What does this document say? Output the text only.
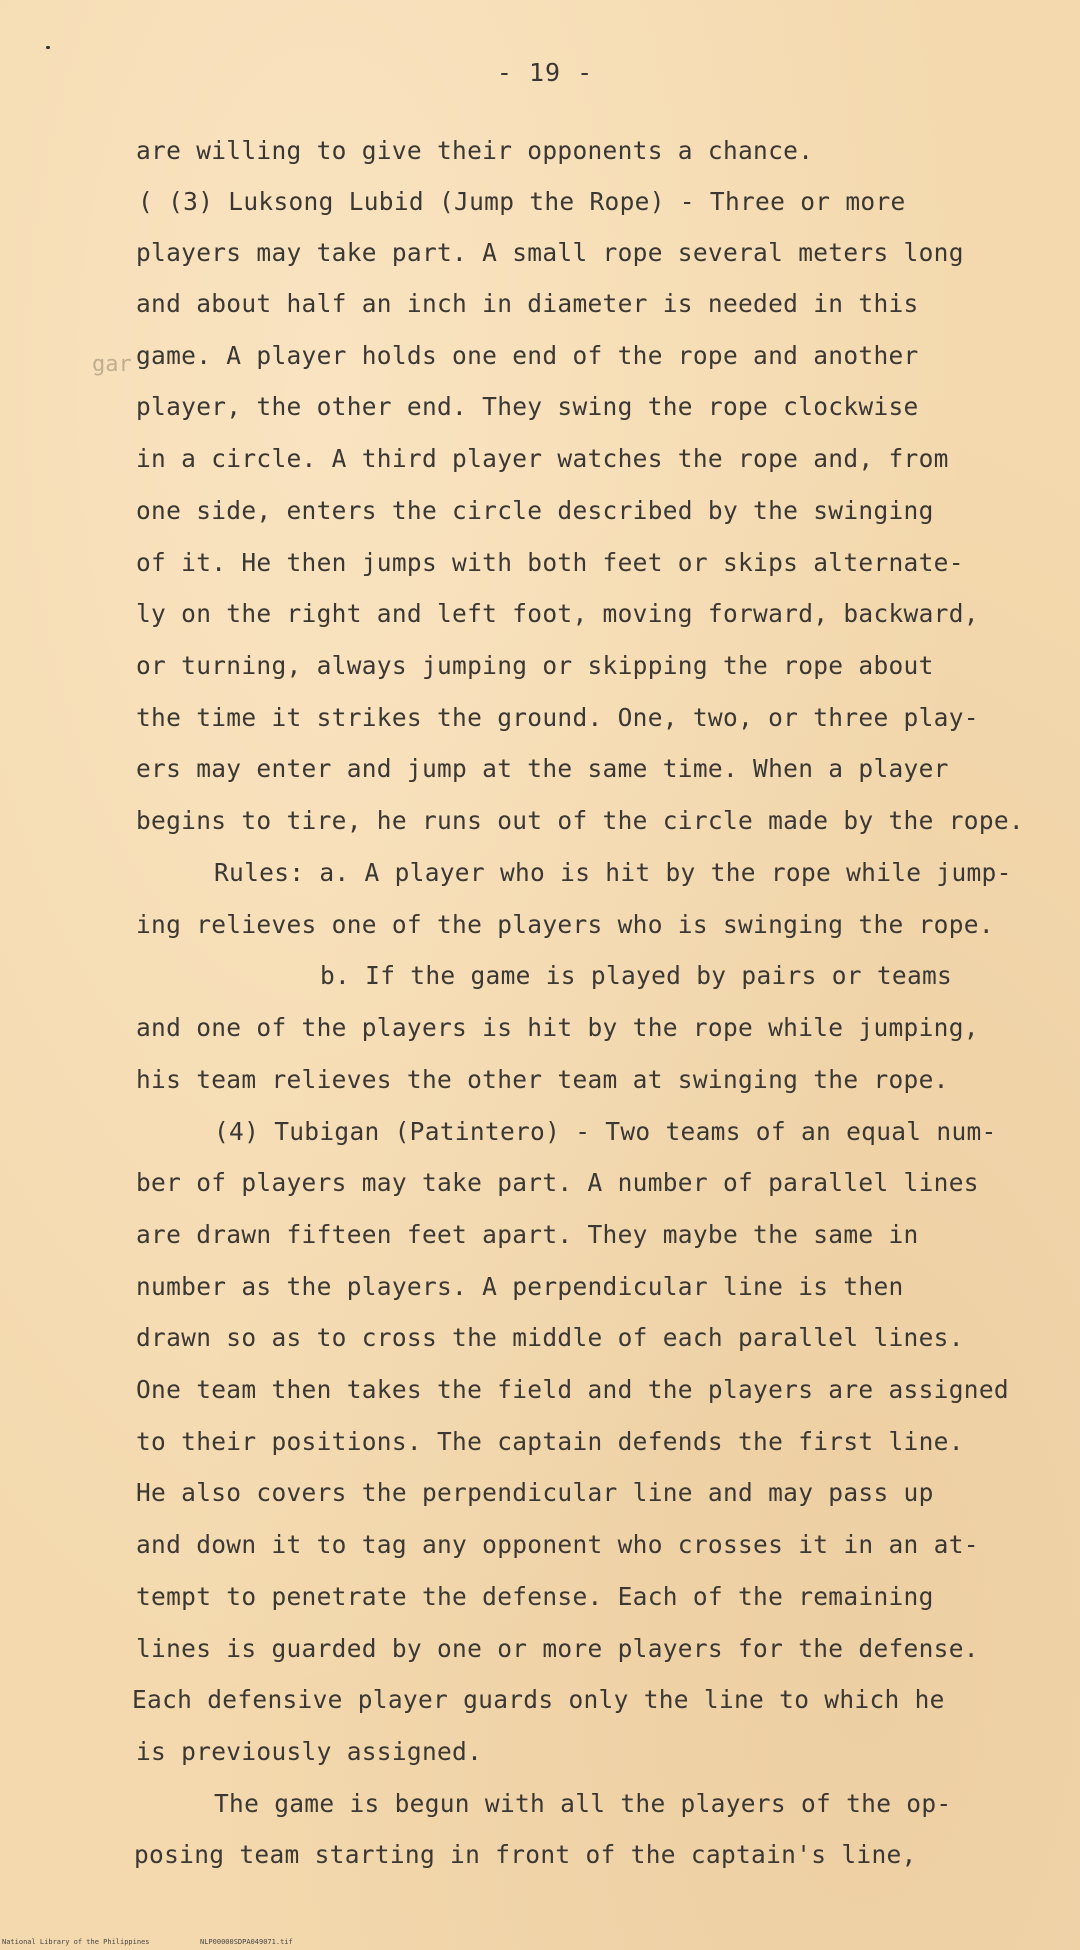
- 19 -
gar
are willing to give their opponents a chance.
( (3) Luksong Lubid (Jump the Rope) - Three or more
players may take part. A small rope several meters long
and about half an inch in diameter is needed in this
game. A player holds one end of the rope and another
player, the other end. They swing the rope clockwise
in a circle. A third player watches the rope and, from
one side, enters the circle described by the swinging
of it. He then jumps with both feet or skips alternate-
ly on the right and left foot, moving forward, backward,
or turning, always jumping or skipping the rope about
the time it strikes the ground. One, two, or three play-
ers may enter and jump at the same time. When a player
begins to tire, he runs out of the circle made by the rope.
Rules: a. A player who is hit by the rope while jump-
ing relieves one of the players who is swinging the rope.
b. If the game is played by pairs or teams
and one of the players is hit by the rope while jumping,
his team relieves the other team at swinging the rope.
(4) Tubigan (Patintero) - Two teams of an equal num-
ber of players may take part. A number of parallel lines
are drawn fifteen feet apart. They maybe the same in
number as the players. A perpendicular line is then
drawn so as to cross the middle of each parallel lines.
One team then takes the field and the players are assigned
to their positions. The captain defends the first line.
He also covers the perpendicular line and may pass up
and down it to tag any opponent who crosses it in an at-
tempt to penetrate the defense. Each of the remaining
lines is guarded by one or more players for the defense.
Each defensive player guards only the line to which he
is previously assigned.
The game is begun with all the players of the op-
posing team starting in front of the captain's line,
National Library of the Philippines	NLP00000SDPA049071.tif
